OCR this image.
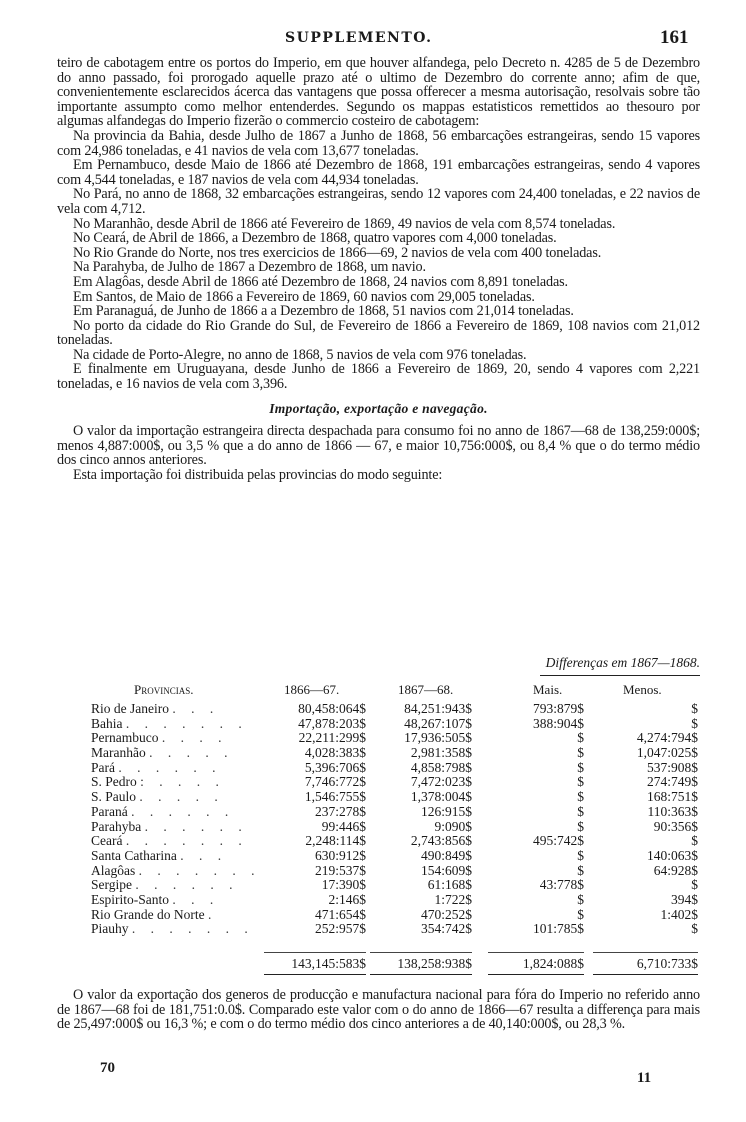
SUPPLEMENTO.	161

teiro de cabotagem entre os portos do Imperio, em que houver alfandega, pelo Decreto n. 4285 de 5 de Dezembro do anno passado, foi prorogado aquelle prazo até o ultimo de Dezembro do corrente anno; afim de que, convenientemente esclarecidos ácerca das vantagens que possa offerecer a mesma autorisação, resolvais sobre tão importante assumpto como melhor entenderdes. Segundo os mappas estatisticos remettidos ao thesouro por algumas alfandegas do Imperio fizerão o commercio costeiro de cabotagem:

Na provincia da Bahia, desde Julho de 1867 a Junho de 1868, 56 embarcações estrangeiras, sendo 15 vapores com 24,986 toneladas, e 41 navios de vela com 13,677 toneladas.

Em Pernambuco, desde Maio de 1866 até Dezembro de 1868, 191 embarcações estrangeiras, sendo 4 vapores com 4,544 toneladas, e 187 navios de vela com 44,934 toneladas.

No Pará, no anno de 1868, 32 embarcações estrangeiras, sendo 12 vapores com 24,400 toneladas, e 22 navios de vela com 4,712.

No Maranhão, desde Abril de 1866 até Fevereiro de 1869, 49 navios de vela com 8,574 toneladas.

No Ceará, de Abril de 1866, a Dezembro de 1868, quatro vapores com 4,000 toneladas.

No Rio Grande do Norte, nos tres exercicios de 1866—69, 2 navios de vela com 400 toneladas.

Na Parahyba, de Julho de 1867 a Dezembro de 1868, um navio.

Em Alagôas, desde Abril de 1866 até Dezembro de 1868, 24 navios com 8,891 toneladas.

Em Santos, de Maio de 1866 a Fevereiro de 1869, 60 navios com 29,005 toneladas.

Em Paranaguá, de Junho de 1866 a a Dezembro de 1868, 51 navios com 21,014 toneladas.

No porto da cidade do Rio Grande do Sul, de Fevereiro de 1866 a Fevereiro de 1869, 108 navios com 21,012 toneladas.

Na cidade de Porto-Alegre, no anno de 1868, 5 navios de vela com 976 toneladas.

E finalmente em Uruguayana, desde Junho de 1866 a Fevereiro de 1869, 20, sendo 4 vapores com 2,221 toneladas, e 16 navios de vela com 3,396.

Importação, exportação e navegação.

O valor da importação estrangeira directa despachada para consumo foi no anno de 1867—68 de 138,259:000$; menos 4,887:000$, ou 3,5 % que a do anno de 1866 — 67, e maior 10,756:000$, ou 8,4 % que o do termo médio dos cinco annos anteriores.

Esta importação foi distribuida pelas provincias do modo seguinte:

Differenças em 1867—1868.
Provincias.	1866—67.	1867—68.	Mais.	Menos.
Rio de Janeiro . . .	80,458:064$	84,251:943$	793:879$	$
Bahia . . . . . . .	47,878:203$	48,267:107$	388:904$	$
Pernambuco . . . .	22,211:299$	17,936:505$	$	4,274:794$
Maranhão . . . . .	4,028:383$	2,981:358$	$	1,047:025$
Pará . . . . . .	5,396:706$	4,858:798$	$	537:908$
S. Pedro : . . . .	7,746:772$	7,472:023$	$	274:749$
S. Paulo . . . . .	1,546:755$	1,378:004$	$	168:751$
Paraná . . . . . .	237:278$	126:915$	$	110:363$
Parahyba . . . . . .	99:446$	9:090$	$	90:356$
Ceará . . . . . . .	2,248:114$	2,743:856$	495:742$	$
Santa Catharina . . .	630:912$	490:849$	$	140:063$
Alagôas . . . . . . .	219:537$	154:609$	$	64:928$
Sergipe . . . . . .	17:390$	61:168$	43:778$	$
Espirito-Santo . . .	2:146$	1:722$	$	394$
Rio Grande do Norte .	471:654$	470:252$	$	1:402$
Piauhy . . . . . . .	252:957$	354:742$	101:785$	$
143,145:583$	138,258:938$	1,824:088$	6,710:733$

O valor da exportação dos generos de producção e manufactura nacional para fóra do Imperio no referido anno de 1867—68 foi de 181,751:0.0$. Comparado este valor com o do anno de 1866—67 resulta a differença para mais de 25,497:000$ ou 16,3 %; e com o do termo médio dos cinco anteriores a de 40,140:000$, ou 28,3 %.

70
11
